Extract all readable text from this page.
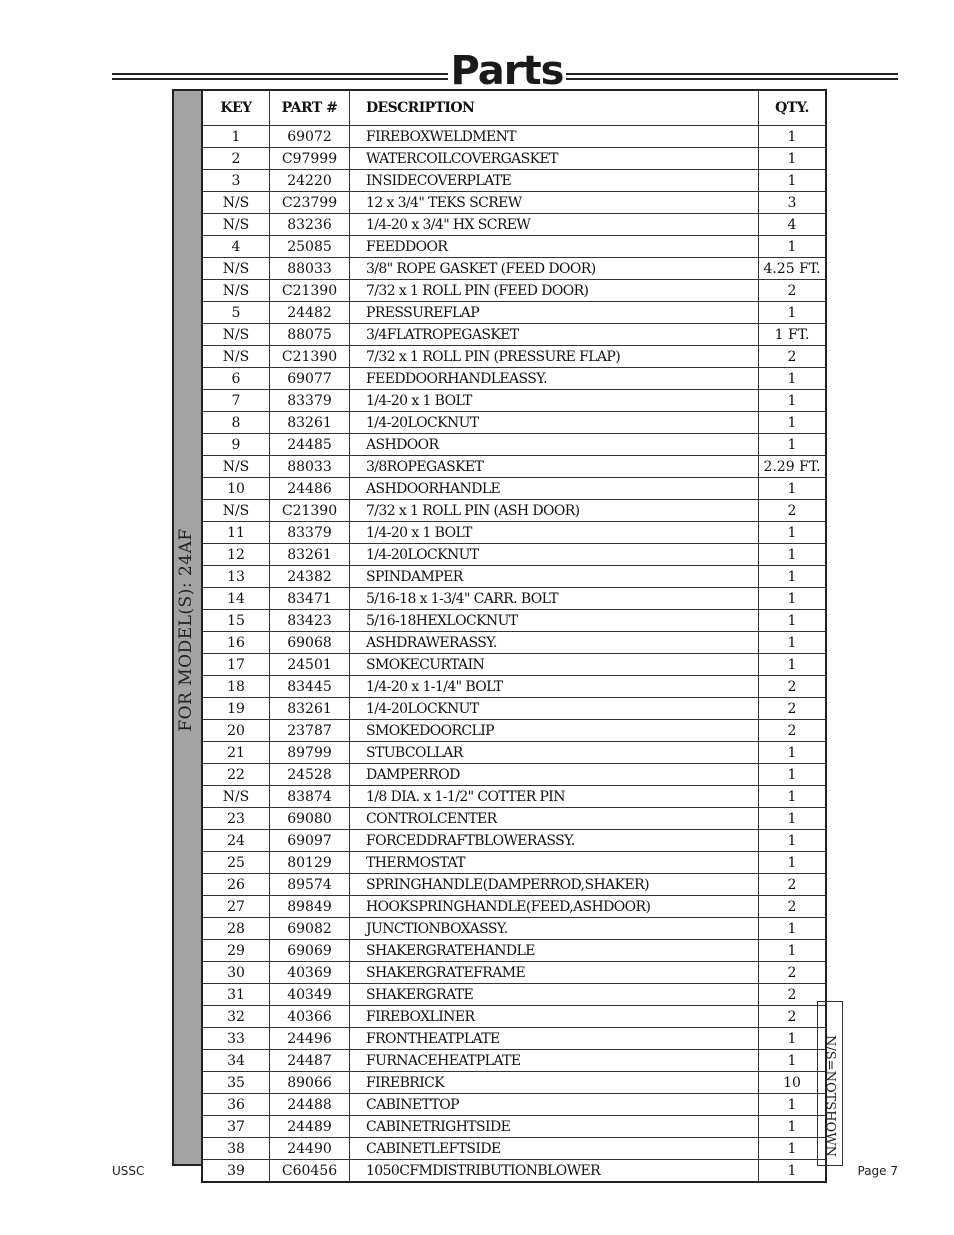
Parts
FOR MODEL(S): 24AF
KEY	PART #	DESCRIPTION	QTY.
1	69072	FIREBOXWELDMENT	1
2	C97999	WATERCOILCOVERGASKET	1
3	24220	INSIDECOVERPLATE	1
N/S	C23799	12 x 3/4" TEKS SCREW	3
N/S	83236	1/4-20 x 3/4" HX SCREW	4
4	25085	FEEDDOOR	1
N/S	88033	3/8" ROPE GASKET (FEED DOOR)	4.25 FT.
N/S	C21390	7/32 x 1 ROLL PIN (FEED DOOR)	2
5	24482	PRESSUREFLAP	1
N/S	88075	3/4FLATROPEGASKET	1 FT.
N/S	C21390	7/32 x 1 ROLL PIN (PRESSURE FLAP)	2
6	69077	FEEDDOORHANDLEASSY.	1
7	83379	1/4-20 x 1 BOLT	1
8	83261	1/4-20LOCKNUT	1
9	24485	ASHDOOR	1
N/S	88033	3/8ROPEGASKET	2.29 FT.
10	24486	ASHDOORHANDLE	1
N/S	C21390	7/32 x 1 ROLL PIN (ASH DOOR)	2
11	83379	1/4-20 x 1 BOLT	1
12	83261	1/4-20LOCKNUT	1
13	24382	SPINDAMPER	1
14	83471	5/16-18 x 1-3/4" CARR. BOLT	1
15	83423	5/16-18HEXLOCKNUT	1
16	69068	ASHDRAWERASSY.	1
17	24501	SMOKECURTAIN	1
18	83445	1/4-20 x 1-1/4" BOLT	2
19	83261	1/4-20LOCKNUT	2
20	23787	SMOKEDOORCLIP	2
21	89799	STUBCOLLAR	1
22	24528	DAMPERROD	1
N/S	83874	1/8 DIA. x 1-1/2" COTTER PIN	1
23	69080	CONTROLCENTER	1
24	69097	FORCEDDRAFTBLOWERASSY.	1
25	80129	THERMOSTAT	1
26	89574	SPRINGHANDLE(DAMPERROD,SHAKER)	2
27	89849	HOOKSPRINGHANDLE(FEED,ASHDOOR)	2
28	69082	JUNCTIONBOXASSY.	1
29	69069	SHAKERGRATEHANDLE	1
30	40369	SHAKERGRATEFRAME	2
31	40349	SHAKERGRATE	2
32	40366	FIREBOXLINER	2
33	24496	FRONTHEATPLATE	1
34	24487	FURNACEHEATPLATE	1
35	89066	FIREBRICK	10
36	24488	CABINETTOP	1
37	24489	CABINETRIGHTSIDE	1
38	24490	CABINETLEFTSIDE	1
39	C60456	1050CFMDISTRIBUTIONBLOWER	1
N/S=NOTSHOWN
USSC	Page 7
